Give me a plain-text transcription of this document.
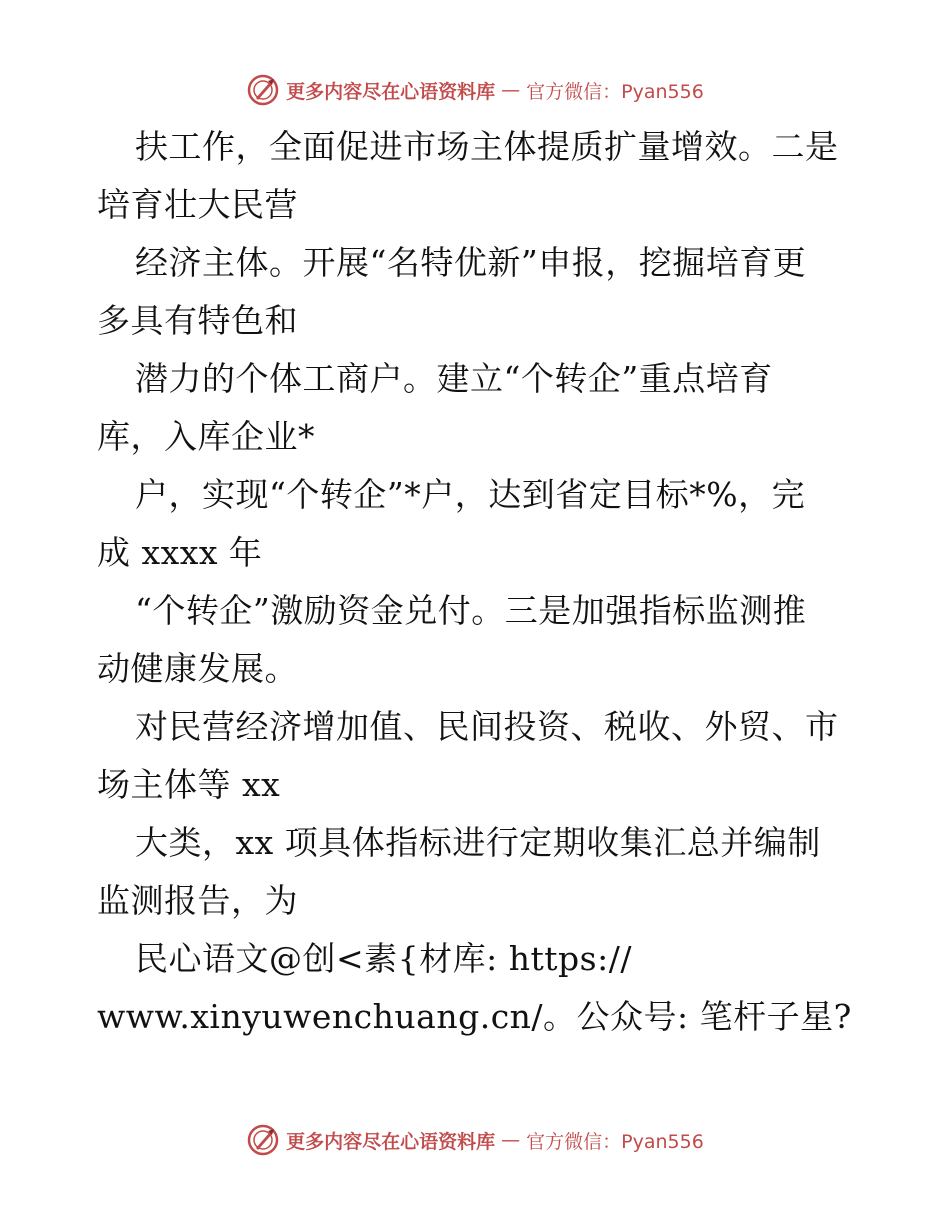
更多内容尽在心语资料库 — 官方微信：Pyan556
扶工作，全面促进市场主体提质扩量增效。二是
培育壮大民营
经济主体。开展“名特优新”申报，挖掘培育更
多具有特色和
潜力的个体工商户。建立“个转企”重点培育
库，入库企业*
户，实现“个转企”*户，达到省定目标*%，完
成 xxxx 年
“个转企”激励资金兑付。三是加强指标监测推
动健康发展。
对民营经济增加值、民间投资、税收、外贸、市
场主体等 xx
大类，xx 项具体指标进行定期收集汇总并编制
监测报告，为
民心语文@创<素{材库: https://
www.xinyuwenchuang.cn/。公众号: 笔杆子星?
更多内容尽在心语资料库 — 官方微信：Pyan556
